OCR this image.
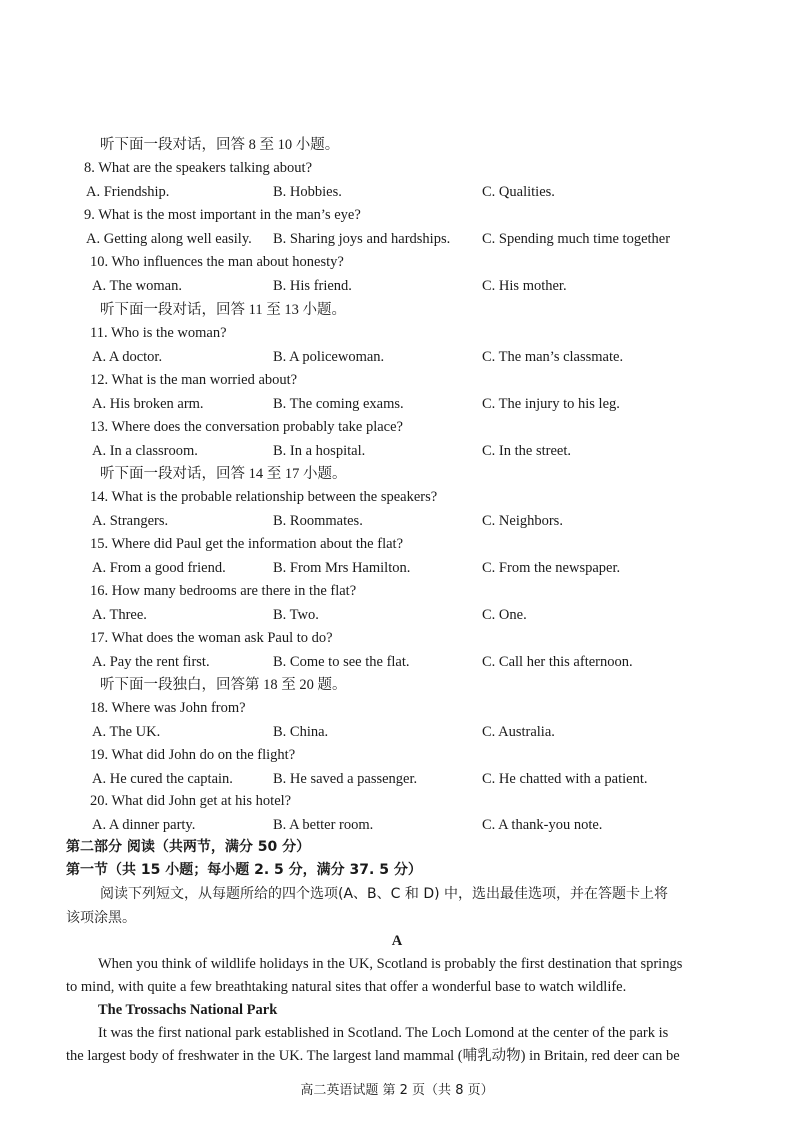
听下面一段对话，回答 8 至 10 小题。
8. What are the speakers talking about?
A. Friendship.	B. Hobbies.	C. Qualities.
9. What is the most important in the man’s eye?
A. Getting along well easily. B. Sharing joys and hardships. C. Spending much time together
10. Who influences the man about honesty?
A. The woman.	B. His friend.	C. His mother.
11. Who is the woman?
A. A doctor.	B. A policewoman.	C. The man’s classmate.
12. What is the man worried about?
A. His broken arm.	B. The coming exams.	C. The injury to his leg.
13. Where does the conversation probably take place?
A. In a classroom.	B. In a hospital.	C. In the street.
14. What is the probable relationship between the speakers?
A. Strangers.	B. Roommates.	C. Neighbors.
15. Where did Paul get the information about the flat?
A. From a good friend.	B. From Mrs Hamilton.	C. From the newspaper.
16. How many bedrooms are there in the flat?
A. Three.	B. Two.	C. One.
17. What does the woman ask Paul to do?
A. Pay the rent first.	B. Come to see the flat.	C. Call her this afternoon.
18. Where was John from?
A. The UK.	B. China.	C. Australia.
19. What did John do on the flight?
A. He cured the captain.	B. He saved a passenger.	C. He chatted with a patient.
20. What did John get at his hotel?
A. A dinner party.	B. A better room.	C. A thank-you note.
听下面一段对话，回答 11 至 13 小题。
听下面一段对话，回答 14 至 17 小题。
听下面一段独白，回答第 18 至 20 题。
第二部分 阅读（共两节，满分 50 分）
第一节（共 15 小题；每小题 2. 5 分，满分 37. 5 分）
阅读下列短文，从每题所给的四个选项(A、B、C 和 D) 中，选出最佳选项，并在答题卡上将
该项涂黑。
A
When you think of wildlife holidays in the UK, Scotland is probably the first destination that springs
to mind, with quite a few breathtaking natural sites that offer a wonderful base to watch wildlife.
The Trossachs National Park
It was the first national park established in Scotland. The Loch Lomond at the center of the park is
the largest body of freshwater in the UK. The largest land mammal (哺乳动物) in Britain, red deer can be
高二英语试题 第 2 页（共 8 页）
